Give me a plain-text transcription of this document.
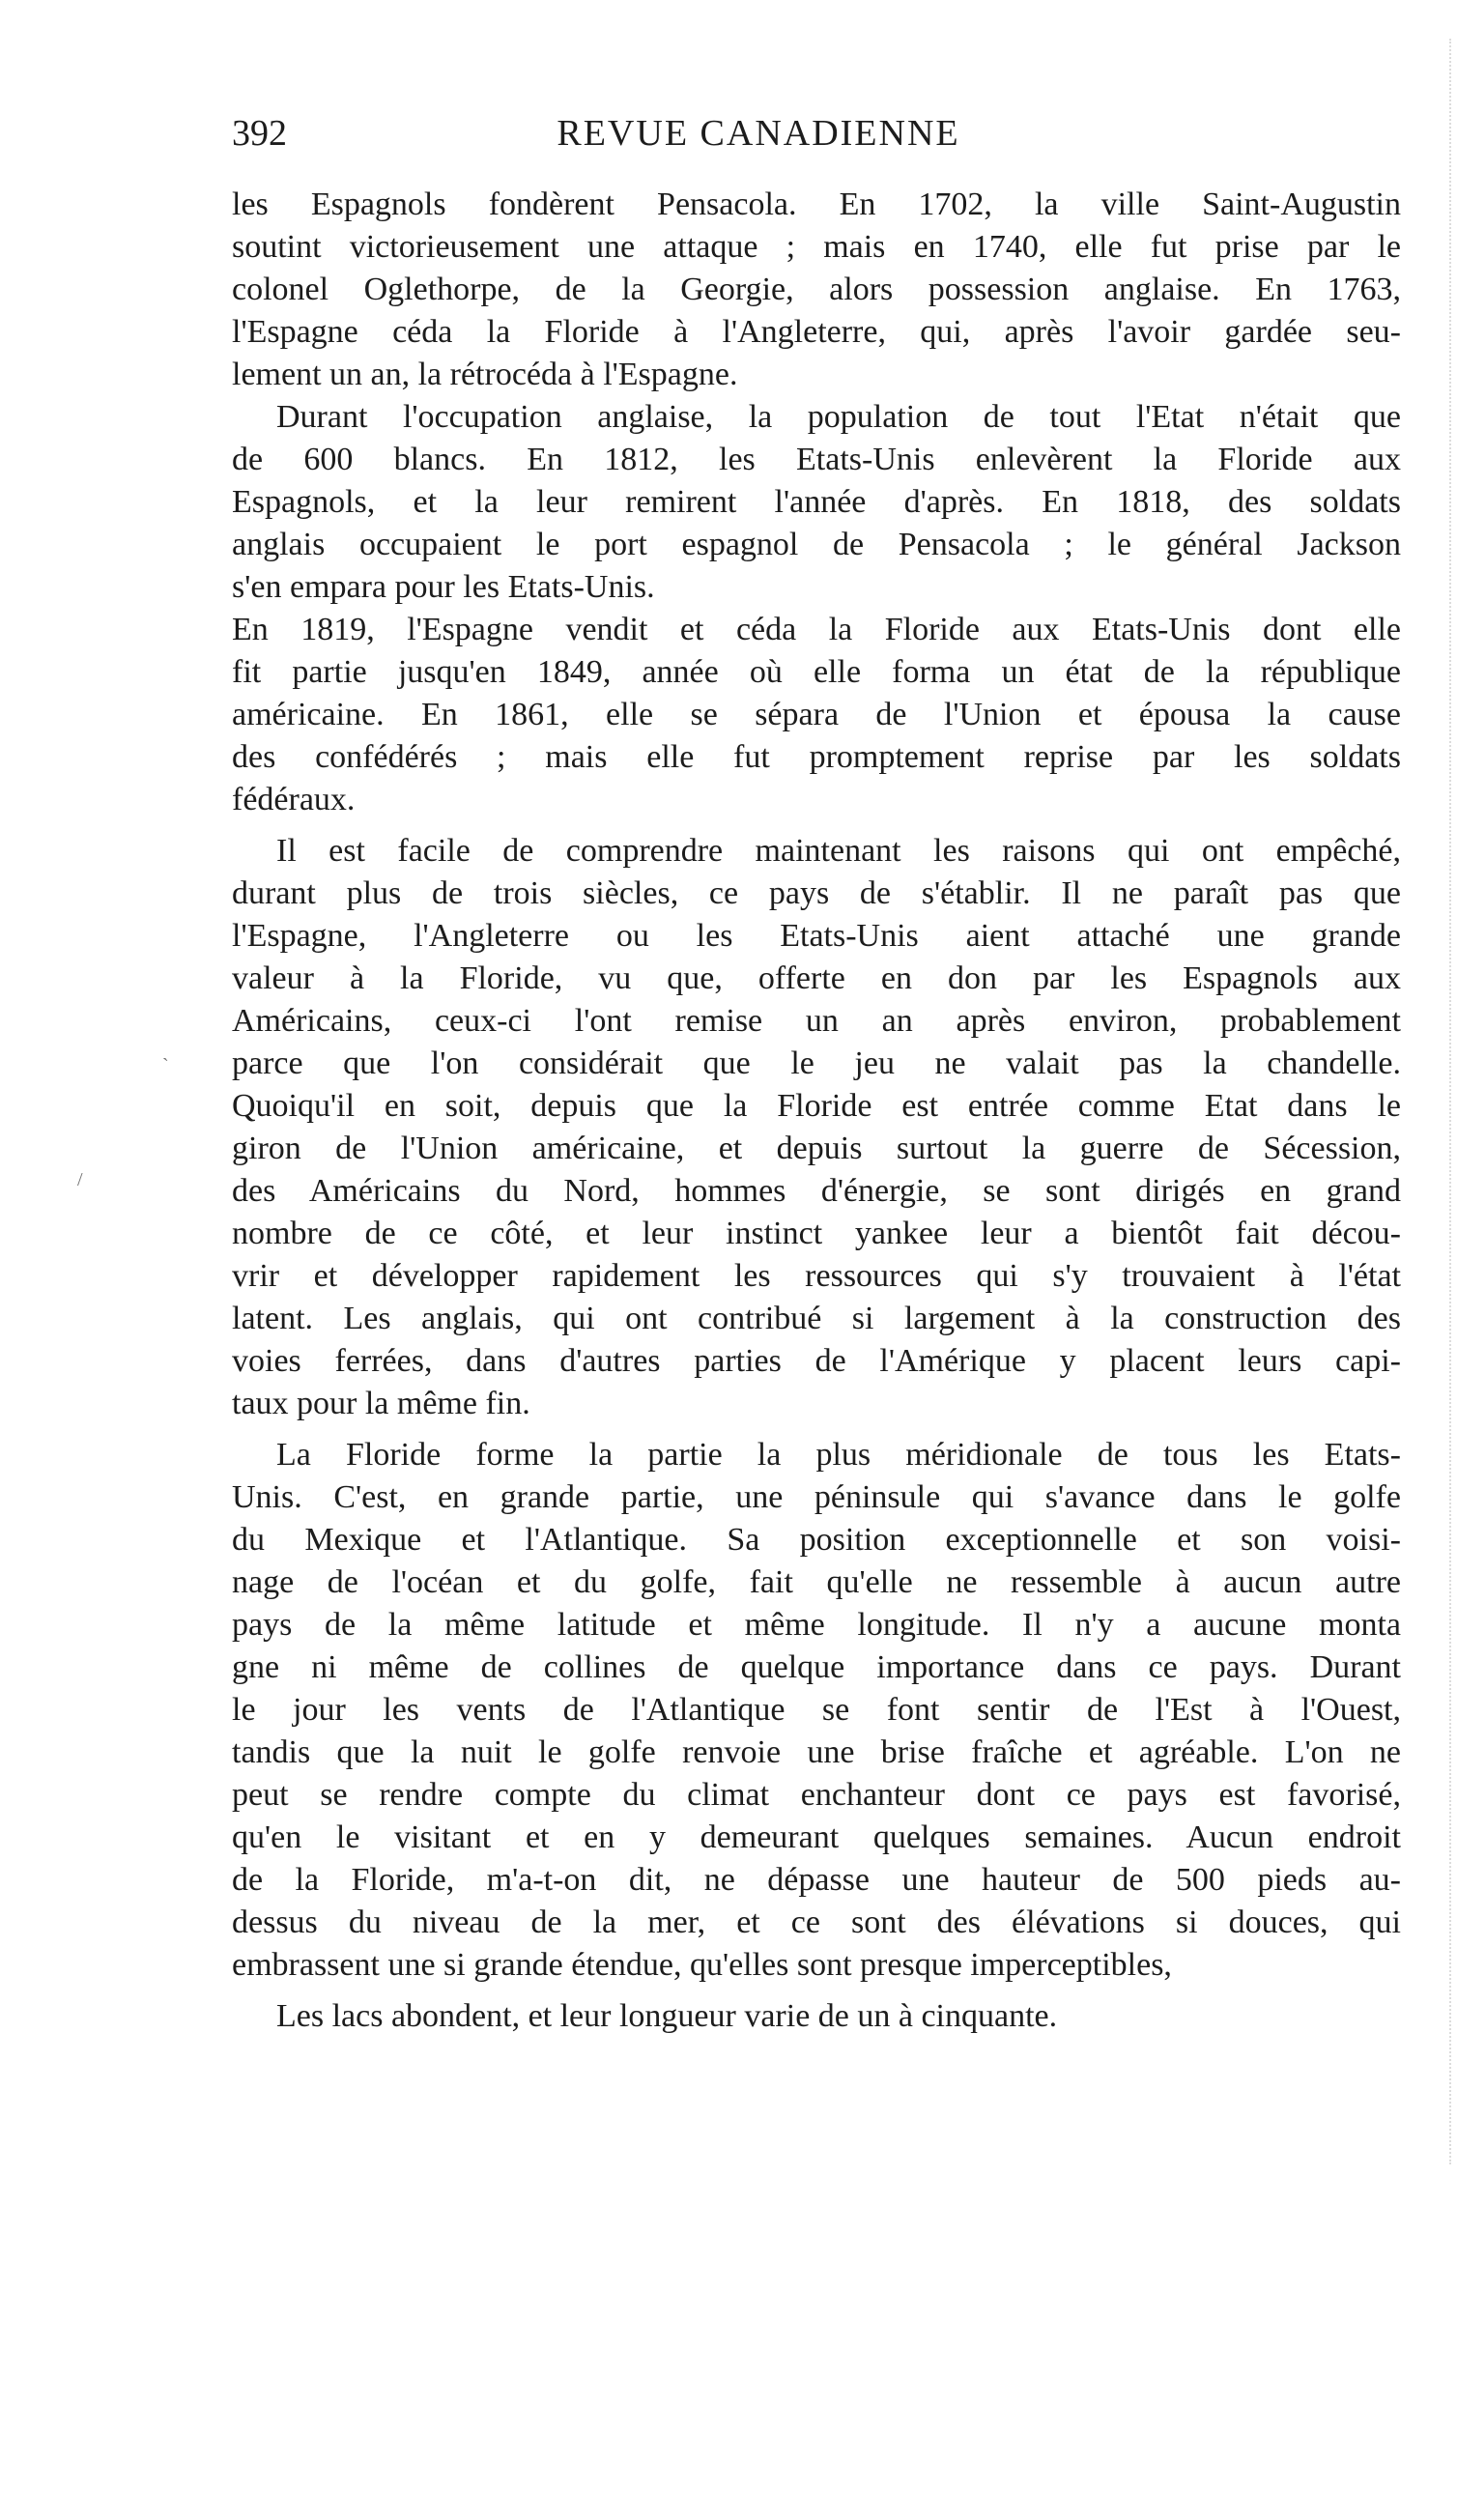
392	REVUE CANADIENNE
les Espagnols fondèrent Pensacola. En 1702, la ville Saint-Augustin
soutint victorieusement une attaque ; mais en 1740, elle fut prise par le
colonel Oglethorpe, de la Georgie, alors possession anglaise. En 1763,
l'Espagne céda la Floride à l'Angleterre, qui, après l'avoir gardée seu-
lement un an, la rétrocéda à l'Espagne.
Durant l'occupation anglaise, la population de tout l'Etat n'était que
de 600 blancs. En 1812, les Etats-Unis enlevèrent la Floride aux
Espagnols, et la leur remirent l'année d'après. En 1818, des soldats
anglais occupaient le port espagnol de Pensacola ; le général Jackson
s'en empara pour les Etats-Unis.
En 1819, l'Espagne vendit et céda la Floride aux Etats-Unis dont elle
fit partie jusqu'en 1849, année où elle forma un état de la république
américaine. En 1861, elle se sépara de l'Union et épousa la cause
des confédérés ; mais elle fut promptement reprise par les soldats
fédéraux.
Il est facile de comprendre maintenant les raisons qui ont empêché,
durant plus de trois siècles, ce pays de s'établir. Il ne paraît pas que
l'Espagne, l'Angleterre ou les Etats-Unis aient attaché une grande
valeur à la Floride, vu que, offerte en don par les Espagnols aux
Américains, ceux-ci l'ont remise un an après environ, probablement
parce que l'on considérait que le jeu ne valait pas la chandelle.
Quoiqu'il en soit, depuis que la Floride est entrée comme Etat dans le
giron de l'Union américaine, et depuis surtout la guerre de Sécession,
des Américains du Nord, hommes d'énergie, se sont dirigés en grand
nombre de ce côté, et leur instinct yankee leur a bientôt fait décou-
vrir et développer rapidement les ressources qui s'y trouvaient à l'état
latent. Les anglais, qui ont contribué si largement à la construction des
voies ferrées, dans d'autres parties de l'Amérique y placent leurs capi-
taux pour la même fin.
La Floride forme la partie la plus méridionale de tous les Etats-
Unis. C'est, en grande partie, une péninsule qui s'avance dans le golfe
du Mexique et l'Atlantique. Sa position exceptionnelle et son voisi-
nage de l'océan et du golfe, fait qu'elle ne ressemble à aucun autre
pays de la même latitude et même longitude. Il n'y a aucune monta
gne ni même de collines de quelque importance dans ce pays. Durant
le jour les vents de l'Atlantique se font sentir de l'Est à l'Ouest,
tandis que la nuit le golfe renvoie une brise fraîche et agréable. L'on ne
peut se rendre compte du climat enchanteur dont ce pays est favorisé,
qu'en le visitant et en y demeurant quelques semaines. Aucun endroit
de la Floride, m'a-t-on dit, ne dépasse une hauteur de 500 pieds au-
dessus du niveau de la mer, et ce sont des élévations si douces, qui
embrassent une si grande étendue, qu'elles sont presque imperceptibles,
Les lacs abondent, et leur longueur varie de un à cinquante.
`
/
